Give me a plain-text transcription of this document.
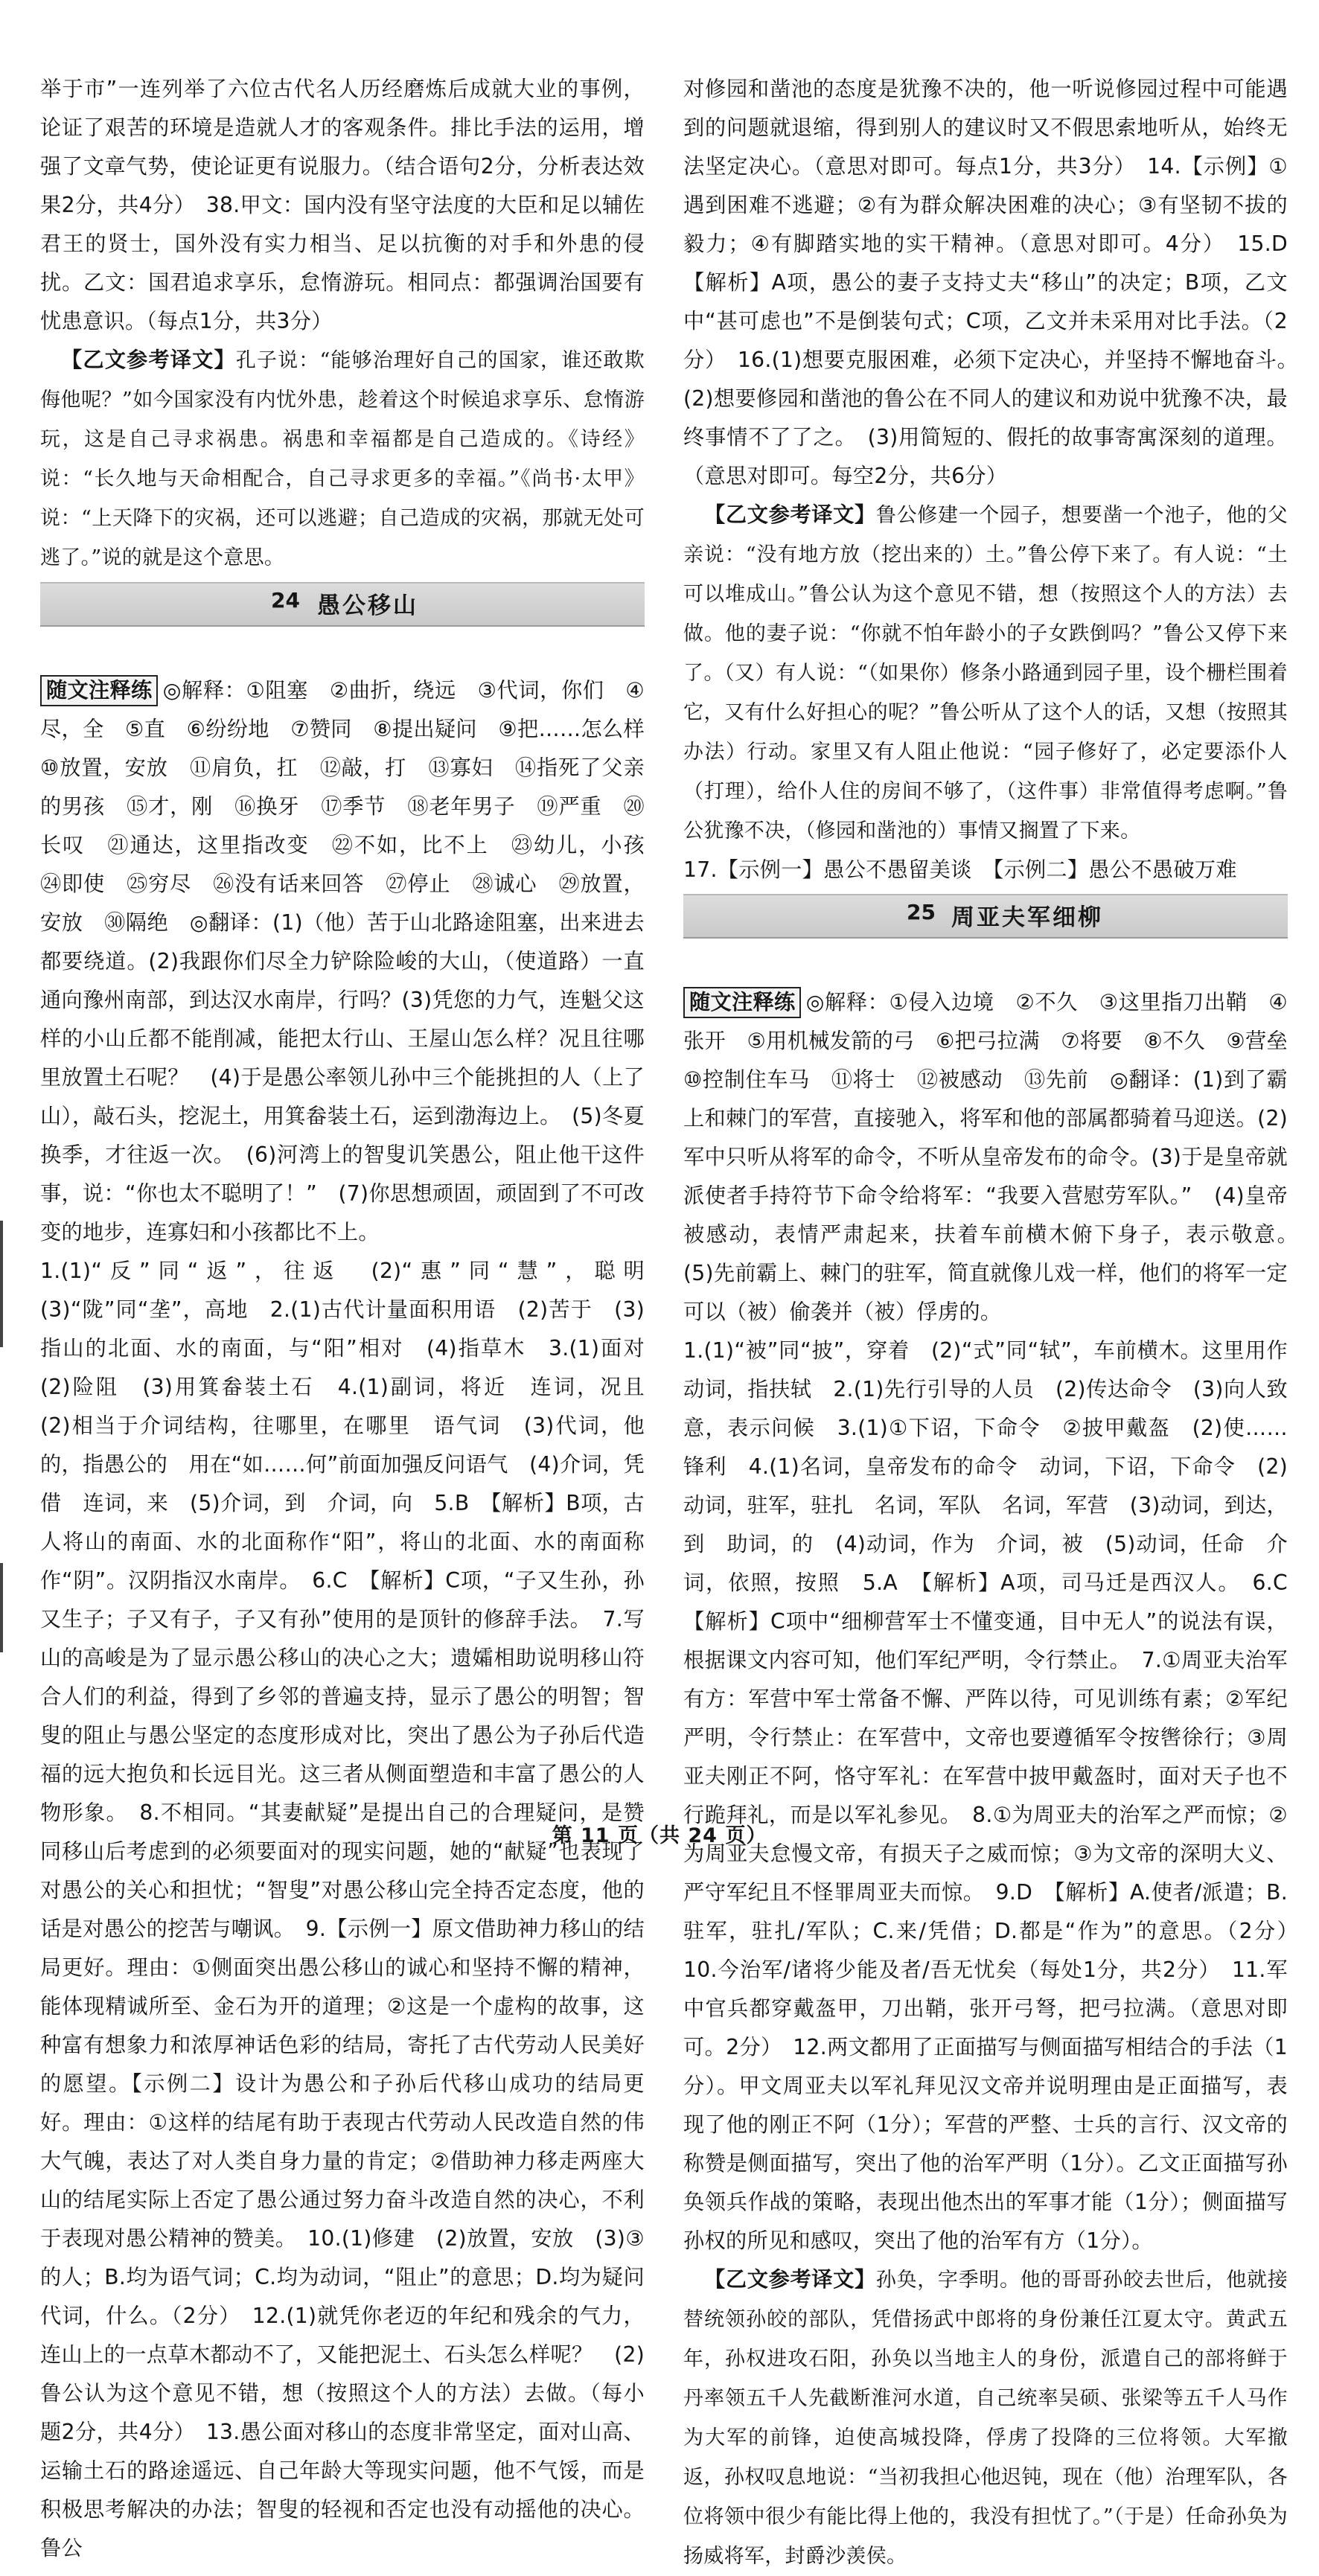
举于市”一连列举了六位古代名人历经磨炼后成就大业的事例，论证了艰苦的环境是造就人才的客观条件。排比手法的运用，增强了文章气势，使论证更有说服力。（结合语句2分，分析表达效果2分，共4分）　38.甲文：国内没有坚守法度的大臣和足以辅佐君王的贤士，国外没有实力相当、足以抗衡的对手和外患的侵扰。乙文：国君追求享乐，怠惰游玩。相同点：都强调治国要有忧患意识。（每点1分，共3分）

【乙文参考译文】孔子说：“能够治理好自己的国家，谁还敢欺侮他呢？”如今国家没有内忧外患，趁着这个时候追求享乐、怠惰游玩，这是自己寻求祸患。祸患和幸福都是自己造成的。《诗经》说：“长久地与天命相配合，自己寻求更多的幸福。”《尚书·太甲》说：“上天降下的灾祸，还可以逃避；自己造成的灾祸，那就无处可逃了。”说的就是这个意思。

24 愚公移山

随文注释练 ◎解释：①阻塞　②曲折，绕远　③代词，你们　④尽，全　⑤直　⑥纷纷地　⑦赞同　⑧提出疑问　⑨把……怎么样　⑩放置，安放　⑪肩负，扛　⑫敲，打　⑬寡妇　⑭指死了父亲的男孩　⑮才，刚　⑯换牙　⑰季节　⑱老年男子　⑲严重　⑳长叹　㉑通达，这里指改变　㉒不如，比不上　㉓幼儿，小孩　㉔即使　㉕穷尽　㉖没有话来回答　㉗停止　㉘诚心　㉙放置，安放　㉚隔绝　◎翻译：(1)（他）苦于山北路途阻塞，出来进去都要绕道。(2)我跟你们尽全力铲除险峻的大山，（使道路）一直通向豫州南部，到达汉水南岸，行吗？(3)凭您的力气，连魁父这样的小山丘都不能削减，能把太行山、王屋山怎么样？况且往哪里放置土石呢？　(4)于是愚公率领儿孙中三个能挑担的人（上了山），敲石头，挖泥土，用箕畚装土石，运到渤海边上。　(5)冬夏换季，才往返一次。　(6)河湾上的智叟讥笑愚公，阻止他干这件事，说：“你也太不聪明了！”　(7)你思想顽固，顽固到了不可改变的地步，连寡妇和小孩都比不上。
1.(1)“反”同“返”，往返　(2)“惠”同“慧”，聪明　(3)“陇”同“垄”，高地　2.(1)古代计量面积用语　(2)苦于　(3)指山的北面、水的南面，与“阳”相对　(4)指草木　3.(1)面对　(2)险阻　(3)用箕畚装土石　4.(1)副词，将近　连词，况且　(2)相当于介词结构，往哪里，在哪里　语气词　(3)代词，他的，指愚公的　用在“如……何”前面加强反问语气　(4)介词，凭借　连词，来　(5)介词，到　介词，向　5.B　【解析】B项，古人将山的南面、水的北面称作“阳”，将山的北面、水的南面称作“阴”。汉阴指汉水南岸。　6.C　【解析】C项，“子又生孙，孙又生子；子又有子，子又有孙”使用的是顶针的修辞手法。　7.写山的高峻是为了显示愚公移山的决心之大；遗孀相助说明移山符合人们的利益，得到了乡邻的普遍支持，显示了愚公的明智；智叟的阻止与愚公坚定的态度形成对比，突出了愚公为子孙后代造福的远大抱负和长远目光。这三者从侧面塑造和丰富了愚公的人物形象。　8.不相同。“其妻献疑”是提出自己的合理疑问，是赞同移山后考虑到的必须要面对的现实问题，她的“献疑”也表现了对愚公的关心和担忧；“智叟”对愚公移山完全持否定态度，他的话是对愚公的挖苦与嘲讽。　9.【示例一】原文借助神力移山的结局更好。理由：①侧面突出愚公移山的诚心和坚持不懈的精神，能体现精诚所至、金石为开的道理；②这是一个虚构的故事，这种富有想象力和浓厚神话色彩的结局，寄托了古代劳动人民美好的愿望。【示例二】设计为愚公和子孙后代移山成功的结局更好。理由：①这样的结尾有助于表现古代劳动人民改造自然的伟大气魄，表达了对人类自身力量的肯定；②借助神力移走两座大山的结尾实际上否定了愚公通过努力奋斗改造自然的决心，不利于表现对愚公精神的赞美。　10.(1)修建　(2)放置，安放　(3)③的人；B.均为语气词；C.均为动词，“阻止”的意思；D.均为疑问代词，什么。（2分）　12.(1)就凭你老迈的年纪和残余的气力，连山上的一点草木都动不了，又能把泥土、石头怎么样呢？　(2)鲁公认为这个意见不错，想（按照这个人的方法）去做。（每小题2分，共4分）　13.愚公面对移山的态度非常坚定，面对山高、运输土石的路途遥远、自己年龄大等现实问题，他不气馁，而是积极思考解决的办法；智叟的轻视和否定也没有动摇他的决心。鲁公

对修园和凿池的态度是犹豫不决的，他一听说修园过程中可能遇到的问题就退缩，得到别人的建议时又不假思索地听从，始终无法坚定决心。（意思对即可。每点1分，共3分）　14.【示例】①遇到困难不逃避；②有为群众解决困难的决心；③有坚韧不拔的毅力；④有脚踏实地的实干精神。（意思对即可。4分）　15.D　【解析】A项，愚公的妻子支持丈夫“移山”的决定；B项，乙文中“甚可虑也”不是倒装句式；C项，乙文并未采用对比手法。（2分）　16.(1)想要克服困难，必须下定决心，并坚持不懈地奋斗。　(2)想要修园和凿池的鲁公在不同人的建议和劝说中犹豫不决，最终事情不了了之。　(3)用简短的、假托的故事寄寓深刻的道理。（意思对即可。每空2分，共6分）

【乙文参考译文】鲁公修建一个园子，想要凿一个池子，他的父亲说：“没有地方放（挖出来的）土。”鲁公停下来了。有人说：“土可以堆成山。”鲁公认为这个意见不错，想（按照这个人的方法）去做。他的妻子说：“你就不怕年龄小的子女跌倒吗？”鲁公又停下来了。（又）有人说：“（如果你）修条小路通到园子里，设个栅栏围着它，又有什么好担心的呢？”鲁公听从了这个人的话，又想（按照其办法）行动。家里又有人阻止他说：“园子修好了，必定要添仆人（打理），给仆人住的房间不够了，（这件事）非常值得考虑啊。”鲁公犹豫不决，（修园和凿池的）事情又搁置了下来。

17.【示例一】愚公不愚留美谈　【示例二】愚公不愚破万难

25 周亚夫军细柳

随文注释练 ◎解释：①侵入边境　②不久　③这里指刀出鞘　④张开　⑤用机械发箭的弓　⑥把弓拉满　⑦将要　⑧不久　⑨营垒　⑩控制住车马　⑪将士　⑫被感动　⑬先前　◎翻译：(1)到了霸上和棘门的军营，直接驰入，将军和他的部属都骑着马迎送。(2)军中只听从将军的命令，不听从皇帝发布的命令。(3)于是皇帝就派使者手持符节下命令给将军：“我要入营慰劳军队。”　(4)皇帝被感动，表情严肃起来，扶着车前横木俯下身子，表示敬意。　(5)先前霸上、棘门的驻军，简直就像儿戏一样，他们的将军一定可以（被）偷袭并（被）俘虏的。
1.(1)“被”同“披”，穿着　(2)“式”同“轼”，车前横木。这里用作动词，指扶轼　2.(1)先行引导的人员　(2)传达命令　(3)向人致意，表示问候　3.(1)①下诏，下命令　②披甲戴盔　(2)使……锋利　4.(1)名词，皇帝发布的命令　动词，下诏，下命令　(2)动词，驻军，驻扎　名词，军队　名词，军营　(3)动词，到达，到　助词，的　(4)动词，作为　介词，被　(5)动词，任命　介词，依照，按照　5.A　【解析】A项，司马迁是西汉人。　6.C　【解析】C项中“细柳营军士不懂变通，目中无人”的说法有误，根据课文内容可知，他们军纪严明，令行禁止。　7.①周亚夫治军有方：军营中军士常备不懈、严阵以待，可见训练有素；②军纪严明，令行禁止：在军营中，文帝也要遵循军令按辔徐行；③周亚夫刚正不阿，恪守军礼：在军营中披甲戴盔时，面对天子也不行跪拜礼，而是以军礼参见。　8.①为周亚夫的治军之严而惊；②为周亚夫怠慢文帝，有损天子之威而惊；③为文帝的深明大义、严守军纪且不怪罪周亚夫而惊。　9.D　【解析】A.使者/派遣；B.驻军，驻扎/军队；C.来/凭借；D.都是“作为”的意思。（2分）　10.今治军/诸将少能及者/吾无忧矣（每处1分，共2分）　11.军中官兵都穿戴盔甲，刀出鞘，张开弓弩，把弓拉满。（意思对即可。2分）　12.两文都用了正面描写与侧面描写相结合的手法（1分）。甲文周亚夫以军礼拜见汉文帝并说明理由是正面描写，表现了他的刚正不阿（1分）；军营的严整、士兵的言行、汉文帝的称赞是侧面描写，突出了他的治军严明（1分）。乙文正面描写孙奂领兵作战的策略，表现出他杰出的军事才能（1分）；侧面描写孙权的所见和感叹，突出了他的治军有方（1分）。

【乙文参考译文】孙奂，字季明。他的哥哥孙皎去世后，他就接替统领孙皎的部队，凭借扬武中郎将的身份兼任江夏太守。黄武五年，孙权进攻石阳，孙奂以当地主人的身份，派遣自己的部将鲜于丹率领五千人先截断淮河水道，自己统率吴硕、张梁等五千人马作为大军的前锋，迫使高城投降，俘虏了投降的三位将领。大军撤返，孙权叹息地说：“当初我担心他迟钝，现在（他）治理军队，各位将领中很少有能比得上他的，我没有担忧了。”（于是）任命孙奂为扬威将军，封爵沙羡侯。

第 11 页（共 24 页）
